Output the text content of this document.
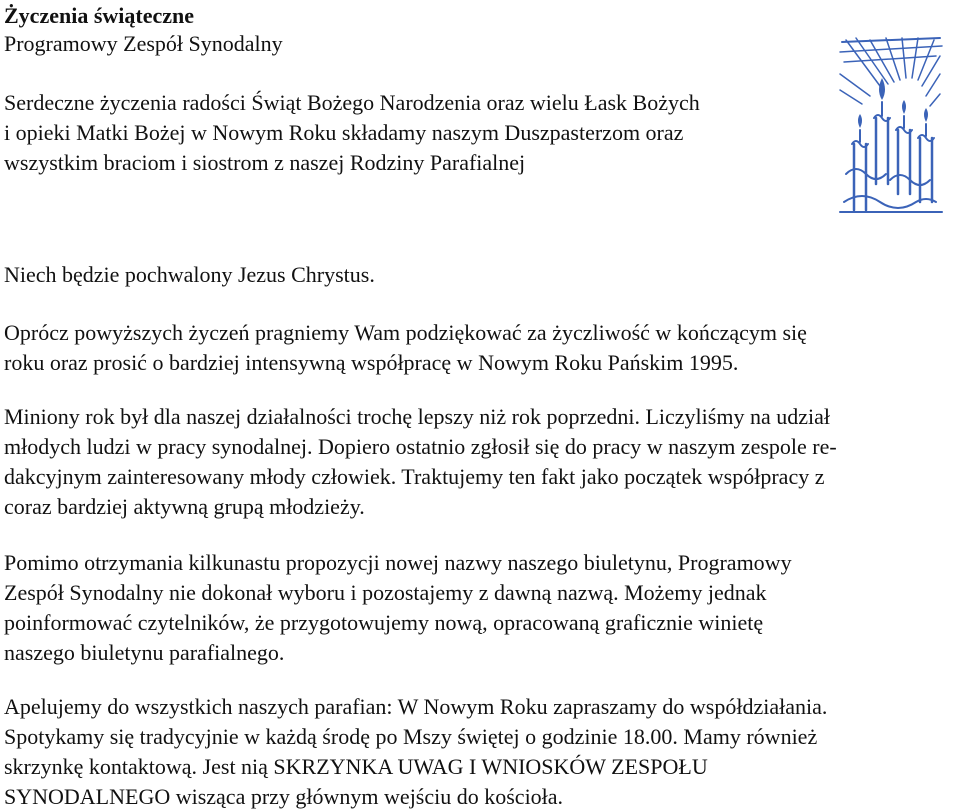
Życzenia świąteczne
Programowy Zespół Synodalny
Serdeczne życzenia radości Świąt Bożego Narodzenia oraz wielu Łask Bożych
i opieki Matki Bożej w Nowym Roku składamy naszym Duszpasterzom oraz
wszystkim braciom i siostrom z naszej Rodziny Parafialnej
Niech będzie pochwalony Jezus Chrystus.
Oprócz powyższych życzeń pragniemy Wam podziękować za życzliwość w kończącym się
roku oraz prosić o bardziej intensywną współpracę w Nowym Roku Pańskim 1995.
Miniony rok był dla naszej działalności trochę lepszy niż rok poprzedni. Liczyliśmy na udział
młodych ludzi w pracy synodalnej. Dopiero ostatnio zgłosił się do pracy w naszym zespole re-
dakcyjnym zainteresowany młody człowiek. Traktujemy ten fakt jako początek współpracy z
coraz bardziej aktywną grupą młodzieży.
Pomimo otrzymania kilkunastu propozycji nowej nazwy naszego biuletynu, Programowy
Zespół Synodalny nie dokonał wyboru i pozostajemy z dawną nazwą. Możemy jednak
poinformować czytelników, że przygotowujemy nową, opracowaną graficznie winietę
naszego biuletynu parafialnego.
Apelujemy do wszystkich naszych parafian: W Nowym Roku zapraszamy do współdziałania.
Spotykamy się tradycyjnie w każdą środę po Mszy świętej o godzinie 18.00. Mamy również
skrzynkę kontaktową. Jest nią SKRZYNKA UWAG I WNIOSKÓW ZESPOŁU
SYNODALNEGO wisząca przy głównym wejściu do kościoła.
